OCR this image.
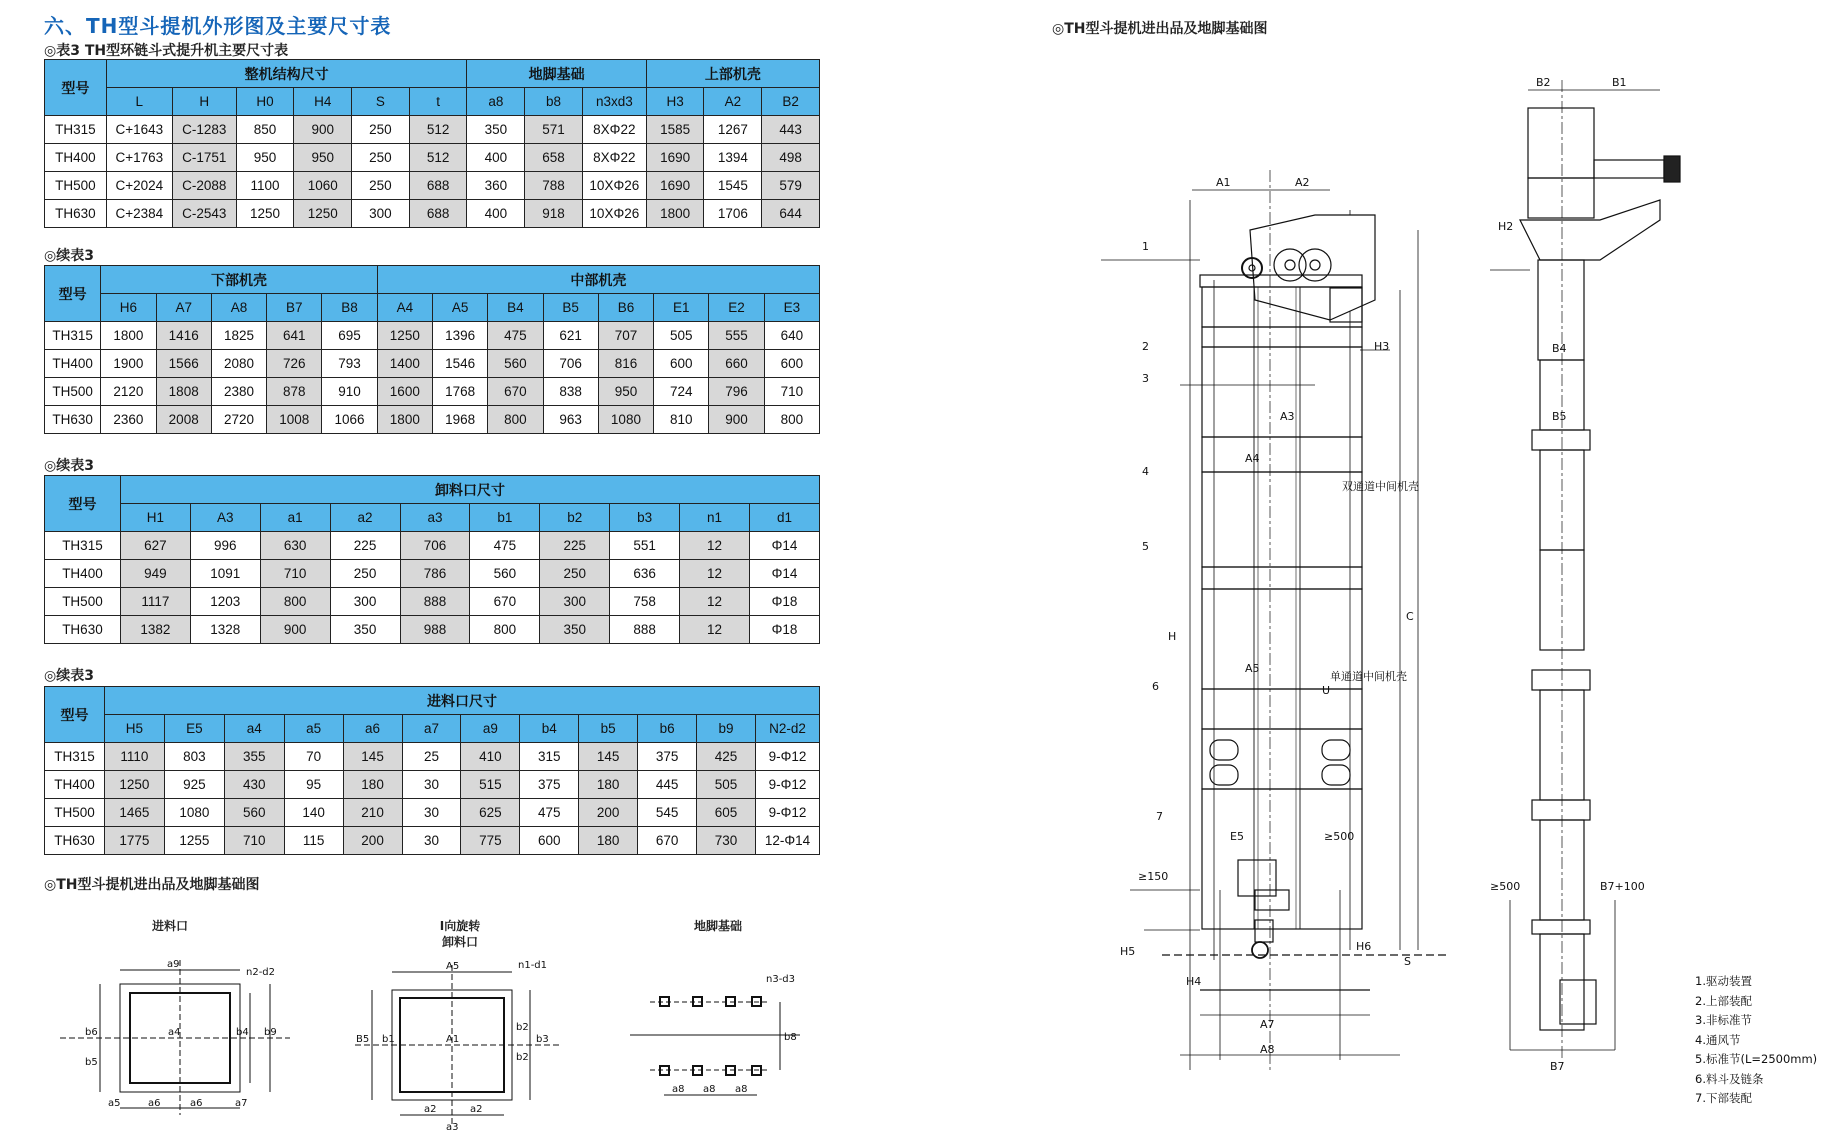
六、TH型斗提机外形图及主要尺寸表
◎表3 TH型环链斗式提升机主要尺寸表
型号	整机结构尺寸						地脚基础			上部机壳		
	L	H	H0	H4	S	t	a8	b8	n3xd3	H3	A2	B2
TH315	C+1643	C-1283	850	900	250	512	350	571	8XΦ22	1585	1267	443
TH400	C+1763	C-1751	950	950	250	512	400	658	8XΦ22	1690	1394	498
TH500	C+2024	C-2088	1100	1060	250	688	360	788	10XΦ26	1690	1545	579
TH630	C+2384	C-2543	1250	1250	300	688	400	918	10XΦ26	1800	1706	644
◎续表3
型号	下部机壳					中部机壳							
	H6	A7	A8	B7	B8	A4	A5	B4	B5	B6	E1	E2	E3
TH315	1800	1416	1825	641	695	1250	1396	475	621	707	505	555	640
TH400	1900	1566	2080	726	793	1400	1546	560	706	816	600	660	600
TH500	2120	1808	2380	878	910	1600	1768	670	838	950	724	796	710
TH630	2360	2008	2720	1008	1066	1800	1968	800	963	1080	810	900	800
◎续表3
型号	卸料口尺寸									
	H1	A3	a1	a2	a3	b1	b2	b3	n1	d1
TH315	627	996	630	225	706	475	225	551	12	Φ14
TH400	949	1091	710	250	786	560	250	636	12	Φ14
TH500	1117	1203	800	300	888	670	300	758	12	Φ18
TH630	1382	1328	900	350	988	800	350	888	12	Φ18
◎续表3
型号	进料口尺寸											
	H5	E5	a4	a5	a6	a7	a9	b4	b5	b6	b9	N2-d2
TH315	1110	803	355	70	145	25	410	315	145	375	425	9-Φ12
TH400	1250	925	430	95	180	30	515	375	180	445	505	9-Φ12
TH500	1465	1080	560	140	210	30	625	475	200	545	605	9-Φ12
TH630	1775	1255	710	115	200	30	775	600	180	670	730	12-Φ14
◎TH型斗提机进出品及地脚基础图
进料口	I向旋转
卸料口
地脚基础
a9
n2-d2
a4
b6
b5
b4 b9
a5	a6	a6	a7
A5	n1-d1
A1
B5 b1
b2
b2
b3
a2	a2
a3
n3-d3
b8
a8 a8 a8
◎TH型斗提机进出品及地脚基础图
A1	A2
H3
A3
A4
A5
H
C
双通道中间机壳
单通道中间机壳
U
E5	≥500
≥150
H5
H4
H6
S
A7
A8
1
2
3
4
5
6
7
B2	B1
H2
B4
B5
≥500	B7+100
B7
1.驱动装置
2.上部装配
3.非标准节
4.通风节
5.标准节(L=2500mm)
6.料斗及链条
7.下部装配
